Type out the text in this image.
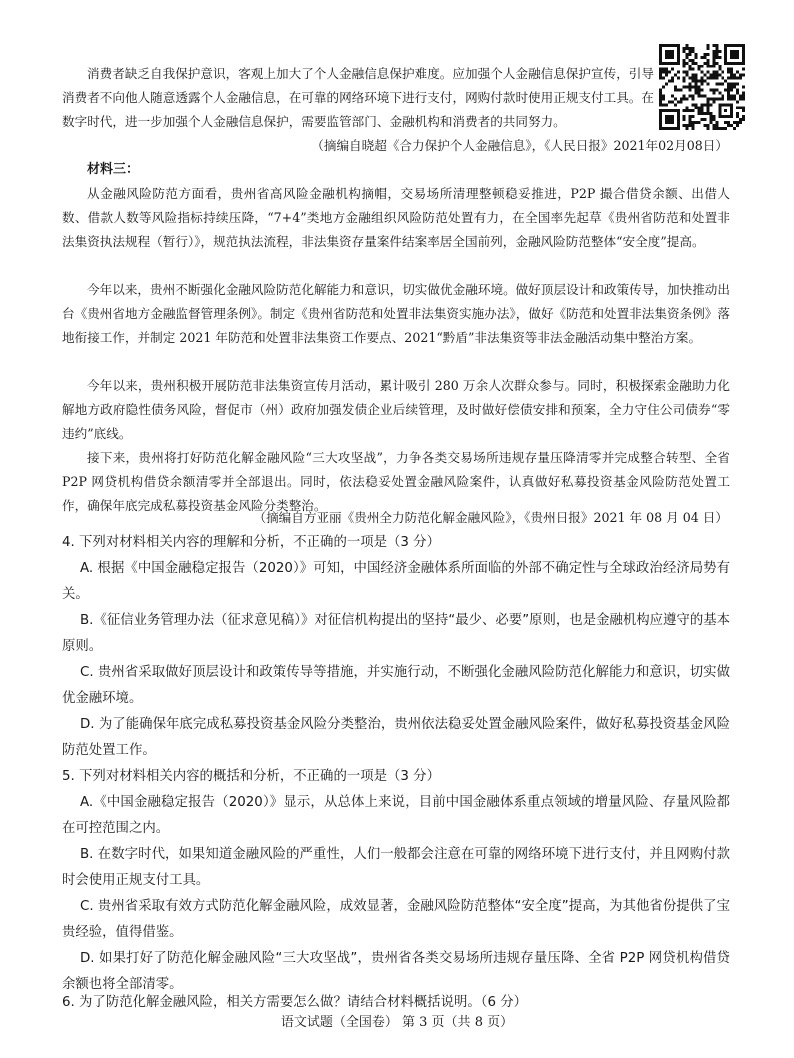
消费者缺乏自我保护意识，客观上加大了个人金融信息保护难度。应加强个人金融信息保护宣传，引导消费者不向他人随意透露个人金融信息，在可靠的网络环境下进行支付，网购付款时使用正规支付工具。在数字时代，进一步加强个人金融信息保护，需要监管部门、金融机构和消费者的共同努力。

（摘编自晓超《合力保护个人金融信息》，《人民日报》2021年02月08日）

材料三：

从金融风险防范方面看，贵州省高风险金融机构摘帽，交易场所清理整顿稳妥推进，P2P 撮合借贷余额、出借人数、借款人数等风险指标持续压降，“7+4”类地方金融组织风险防范处置有力，在全国率先起草《贵州省防范和处置非法集资执法规程（暂行）》，规范执法流程，非法集资存量案件结案率居全国前列，金融风险防范整体“安全度”提高。

今年以来，贵州不断强化金融风险防范化解能力和意识，切实做优金融环境。做好顶层设计和政策传导，加快推动出台《贵州省地方金融监督管理条例》。制定《贵州省防范和处置非法集资实施办法》，做好《防范和处置非法集资条例》落地衔接工作，并制定 2021 年防范和处置非法集资工作要点、2021“黔盾”非法集资等非法金融活动集中整治方案。

今年以来，贵州积极开展防范非法集资宣传月活动，累计吸引 280 万余人次群众参与。同时，积极探索金融助力化解地方政府隐性债务风险，督促市（州）政府加强发债企业后续管理，及时做好偿债安排和预案，全力守住公司债券“零违约”底线。

接下来，贵州将打好防范化解金融风险“三大攻坚战”，力争各类交易场所违规存量压降清零并完成整合转型、全省 P2P 网贷机构借贷余额清零并全部退出。同时，依法稳妥处置金融风险案件，认真做好私募投资基金风险防范处置工作，确保年底完成私募投资基金风险分类整治。

（摘编自方亚丽《贵州全力防范化解金融风险》，《贵州日报》2021 年 08 月 04 日）

4. 下列对材料相关内容的理解和分析，不正确的一项是（3 分）

A. 根据《中国金融稳定报告（2020）》可知，中国经济金融体系所面临的外部不确定性与全球政治经济局势有关。

B.《征信业务管理办法（征求意见稿）》对征信机构提出的坚持“最少、必要”原则，也是金融机构应遵守的基本原则。

C. 贵州省采取做好顶层设计和政策传导等措施，并实施行动，不断强化金融风险防范化解能力和意识，切实做优金融环境。

D. 为了能确保年底完成私募投资基金风险分类整治，贵州依法稳妥处置金融风险案件，做好私募投资基金风险防范处置工作。

5. 下列对材料相关内容的概括和分析，不正确的一项是（3 分）

A.《中国金融稳定报告（2020）》显示，从总体上来说，目前中国金融体系重点领域的增量风险、存量风险都在可控范围之内。

B. 在数字时代，如果知道金融风险的严重性，人们一般都会注意在可靠的网络环境下进行支付，并且网购付款时会使用正规支付工具。

C. 贵州省采取有效方式防范化解金融风险，成效显著，金融风险防范整体“安全度”提高，为其他省份提供了宝贵经验，值得借鉴。

D. 如果打好了防范化解金融风险“三大攻坚战”，贵州省各类交易场所违规存量压降、全省 P2P 网贷机构借贷余额也将全部清零。

6. 为了防范化解金融风险，相关方需要怎么做？请结合材料概括说明。（6 分）

语文试题（全国卷） 第 3 页（共 8 页）
